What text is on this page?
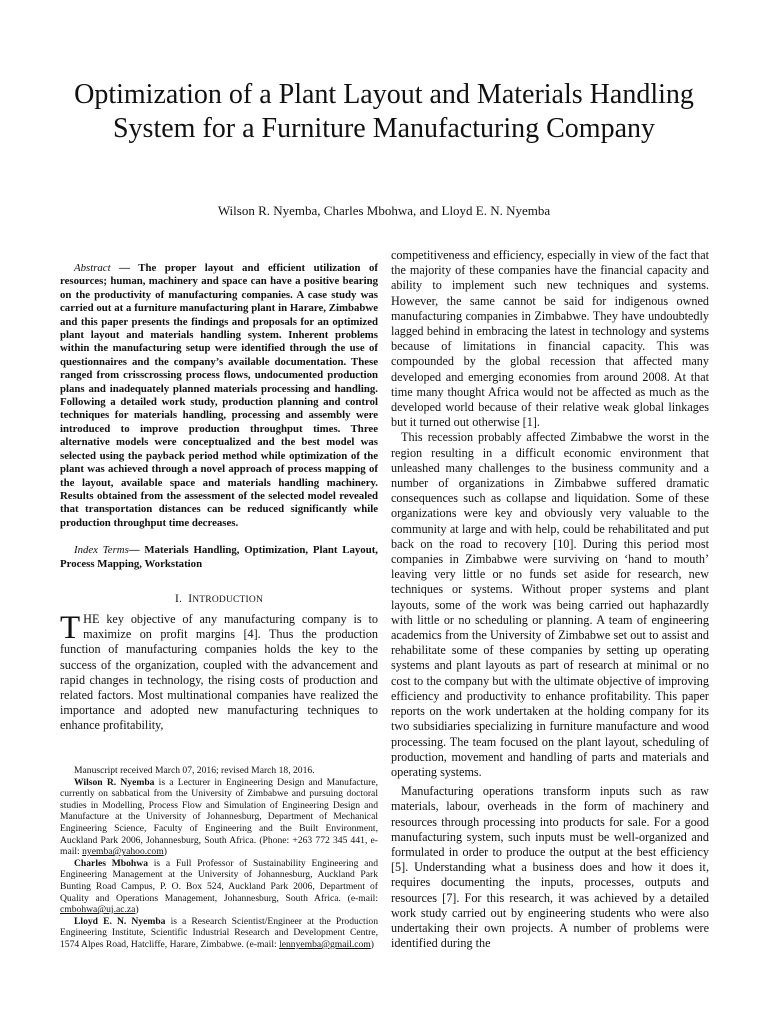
Optimization of a Plant Layout and Materials Handling System for a Furniture Manufacturing Company
Wilson R. Nyemba, Charles Mbohwa, and Lloyd E. N. Nyemba

Abstract — The proper layout and efficient utilization of resources; human, machinery and space can have a positive bearing on the productivity of manufacturing companies. A case study was carried out at a furniture manufacturing plant in Harare, Zimbabwe and this paper presents the findings and proposals for an optimized plant layout and materials handling system. Inherent problems within the manufacturing setup were identified through the use of questionnaires and the company’s available documentation. These ranged from crisscrossing process flows, undocumented production plans and inadequately planned materials processing and handling. Following a detailed work study, production planning and control techniques for materials handling, processing and assembly were introduced to improve production throughput times. Three alternative models were conceptualized and the best model was selected using the payback period method while optimization of the plant was achieved through a novel approach of process mapping of the layout, available space and materials handling machinery. Results obtained from the assessment of the selected model revealed that transportation distances can be reduced significantly while production throughput time decreases.

Index Terms— Materials Handling, Optimization, Plant Layout, Process Mapping, Workstation

I. INTRODUCTION

THE key objective of any manufacturing company is to maximize on profit margins [4]. Thus the production function of manufacturing companies holds the key to the success of the organization, coupled with the advancement and rapid changes in technology, the rising costs of production and related factors. Most multinational companies have realized the importance and adopted new manufacturing techniques to enhance profitability,

Manuscript received March 07, 2016; revised March 18, 2016.

Wilson R. Nyemba is a Lecturer in Engineering Design and Manufacture, currently on sabbatical from the University of Zimbabwe and pursuing doctoral studies in Modelling, Process Flow and Simulation of Engineering Design and Manufacture at the University of Johannesburg, Department of Mechanical Engineering Science, Faculty of Engineering and the Built Environment, Auckland Park 2006, Johannesburg, South Africa. (Phone: +263 772 345 441, e-mail: nyemba@yahoo.com)

Charles Mbohwa is a Full Professor of Sustainability Engineering and Engineering Management at the University of Johannesburg, Auckland Park Bunting Road Campus, P. O. Box 524, Auckland Park 2006, Department of Quality and Operations Management, Johannesburg, South Africa. (e-mail: cmbohwa@uj.ac.za)

Lloyd E. N. Nyemba is a Research Scientist/Engineer at the Production Engineering Institute, Scientific Industrial Research and Development Centre, 1574 Alpes Road, Hatcliffe, Harare, Zimbabwe. (e-mail: lennyemba@gmail.com)

competitiveness and efficiency, especially in view of the fact that the majority of these companies have the financial capacity and ability to implement such new techniques and systems. However, the same cannot be said for indigenous owned manufacturing companies in Zimbabwe. They have undoubtedly lagged behind in embracing the latest in technology and systems because of limitations in financial capacity. This was compounded by the global recession that affected many developed and emerging economies from around 2008. At that time many thought Africa would not be affected as much as the developed world because of their relative weak global linkages but it turned out otherwise [1].

This recession probably affected Zimbabwe the worst in the region resulting in a difficult economic environment that unleashed many challenges to the business community and a number of organizations in Zimbabwe suffered dramatic consequences such as collapse and liquidation. Some of these organizations were key and obviously very valuable to the community at large and with help, could be rehabilitated and put back on the road to recovery [10]. During this period most companies in Zimbabwe were surviving on ‘hand to mouth’ leaving very little or no funds set aside for research, new techniques or systems. Without proper systems and plant layouts, some of the work was being carried out haphazardly with little or no scheduling or planning. A team of engineering academics from the University of Zimbabwe set out to assist and rehabilitate some of these companies by setting up operating systems and plant layouts as part of research at minimal or no cost to the company but with the ultimate objective of improving efficiency and productivity to enhance profitability. This paper reports on the work undertaken at the holding company for its two subsidiaries specializing in furniture manufacture and wood processing. The team focused on the plant layout, scheduling of production, movement and handling of parts and materials and operating systems.

Manufacturing operations transform inputs such as raw materials, labour, overheads in the form of machinery and resources through processing into products for sale. For a good manufacturing system, such inputs must be well-organized and formulated in order to produce the output at the best efficiency [5]. Understanding what a business does and how it does it, requires documenting the inputs, processes, outputs and resources [7]. For this research, it was achieved by a detailed work study carried out by engineering students who were also undertaking their own projects. A number of problems were identified during the
